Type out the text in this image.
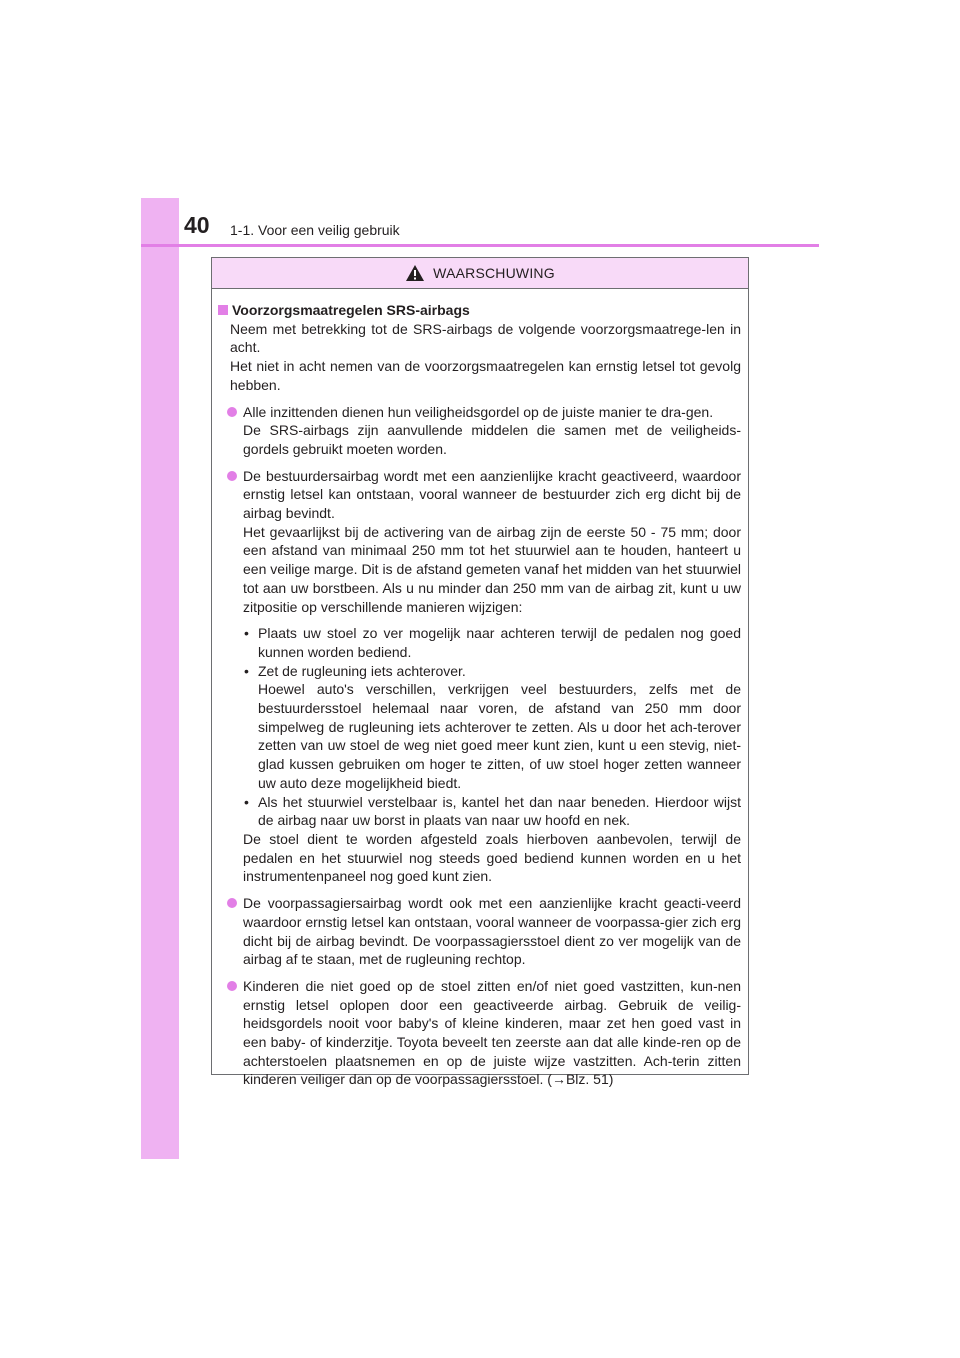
40 1-1. Voor een veilig gebruik
WAARSCHUWING
Voorzorgsmaatregelen SRS-airbags
Neem met betrekking tot de SRS-airbags de volgende voorzorgsmaatrege-len in acht.
Het niet in acht nemen van de voorzorgsmaatregelen kan ernstig letsel tot gevolg hebben.
Alle inzittenden dienen hun veiligheidsgordel op de juiste manier te dra-gen.
De SRS-airbags zijn aanvullende middelen die samen met de veiligheids-gordels gebruikt moeten worden.
De bestuurdersairbag wordt met een aanzienlijke kracht geactiveerd, waardoor ernstig letsel kan ontstaan, vooral wanneer de bestuurder zich erg dicht bij de airbag bevindt.
Het gevaarlijkst bij de activering van de airbag zijn de eerste 50 - 75 mm; door een afstand van minimaal 250 mm tot het stuurwiel aan te houden, hanteert u een veilige marge. Dit is de afstand gemeten vanaf het midden van het stuurwiel tot aan uw borstbeen. Als u nu minder dan 250 mm van de airbag zit, kunt u uw zitpositie op verschillende manieren wijzigen:
• Plaats uw stoel zo ver mogelijk naar achteren terwijl de pedalen nog goed kunnen worden bediend.
• Zet de rugleuning iets achterover.
Hoewel auto's verschillen, verkrijgen veel bestuurders, zelfs met de bestuurdersstoel helemaal naar voren, de afstand van 250 mm door simpelweg de rugleuning iets achterover te zetten. Als u door het ach-terover zetten van uw stoel de weg niet goed meer kunt zien, kunt u een stevig, niet-glad kussen gebruiken om hoger te zitten, of uw stoel hoger zetten wanneer uw auto deze mogelijkheid biedt.
• Als het stuurwiel verstelbaar is, kantel het dan naar beneden. Hierdoor wijst de airbag naar uw borst in plaats van naar uw hoofd en nek.
De stoel dient te worden afgesteld zoals hierboven aanbevolen, terwijl de pedalen en het stuurwiel nog steeds goed bediend kunnen worden en u het instrumentenpaneel nog goed kunt zien.
De voorpassagiersairbag wordt ook met een aanzienlijke kracht geacti-veerd waardoor ernstig letsel kan ontstaan, vooral wanneer de voorpassa-gier zich erg dicht bij de airbag bevindt. De voorpassagiersstoel dient zo ver mogelijk van de airbag af te staan, met de rugleuning rechtop.
Kinderen die niet goed op de stoel zitten en/of niet goed vastzitten, kun-nen ernstig letsel oplopen door een geactiveerde airbag. Gebruik de veilig-heidsgordels nooit voor baby's of kleine kinderen, maar zet hen goed vast in een baby- of kinderzitje. Toyota beveelt ten zeerste aan dat alle kinde-ren op de achterstoelen plaatsnemen en op de juiste wijze vastzitten. Ach-terin zitten kinderen veiliger dan op de voorpassagiersstoel. (→Blz. 51)
